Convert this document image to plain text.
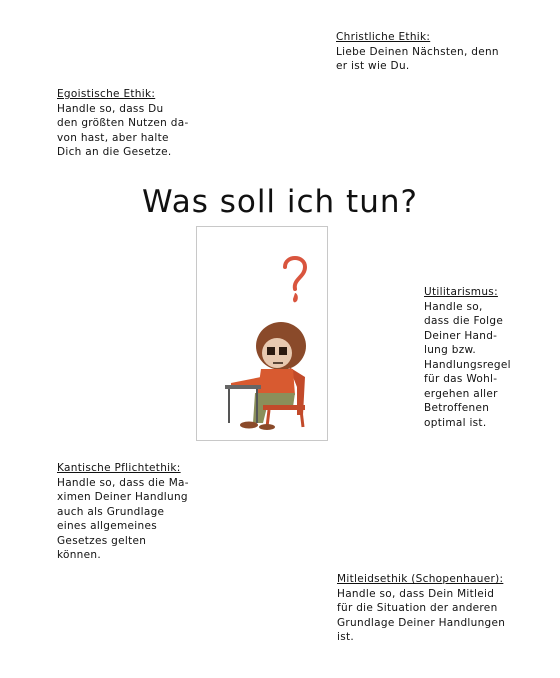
Christliche Ethik:
Liebe Deinen Nächsten, denn
er ist wie Du.
Egoistische Ethik:
Handle so, dass Du
den größten Nutzen da-
von hast, aber halte
Dich an die Gesetze.
Was soll ich tun?
Utilitarismus:
Handle so,
dass die Folge
Deiner Hand-
lung bzw.
Handlungsregel
für das Wohl-
ergehen aller
Betroffenen
optimal ist.
Kantische Pflichtethik:
Handle so, dass die Ma-
ximen Deiner Handlung
auch als Grundlage
eines allgemeines
Gesetzes gelten
können.
Mitleidsethik (Schopenhauer):
Handle so, dass Dein Mitleid
für die Situation der anderen
Grundlage Deiner Handlungen
ist.
